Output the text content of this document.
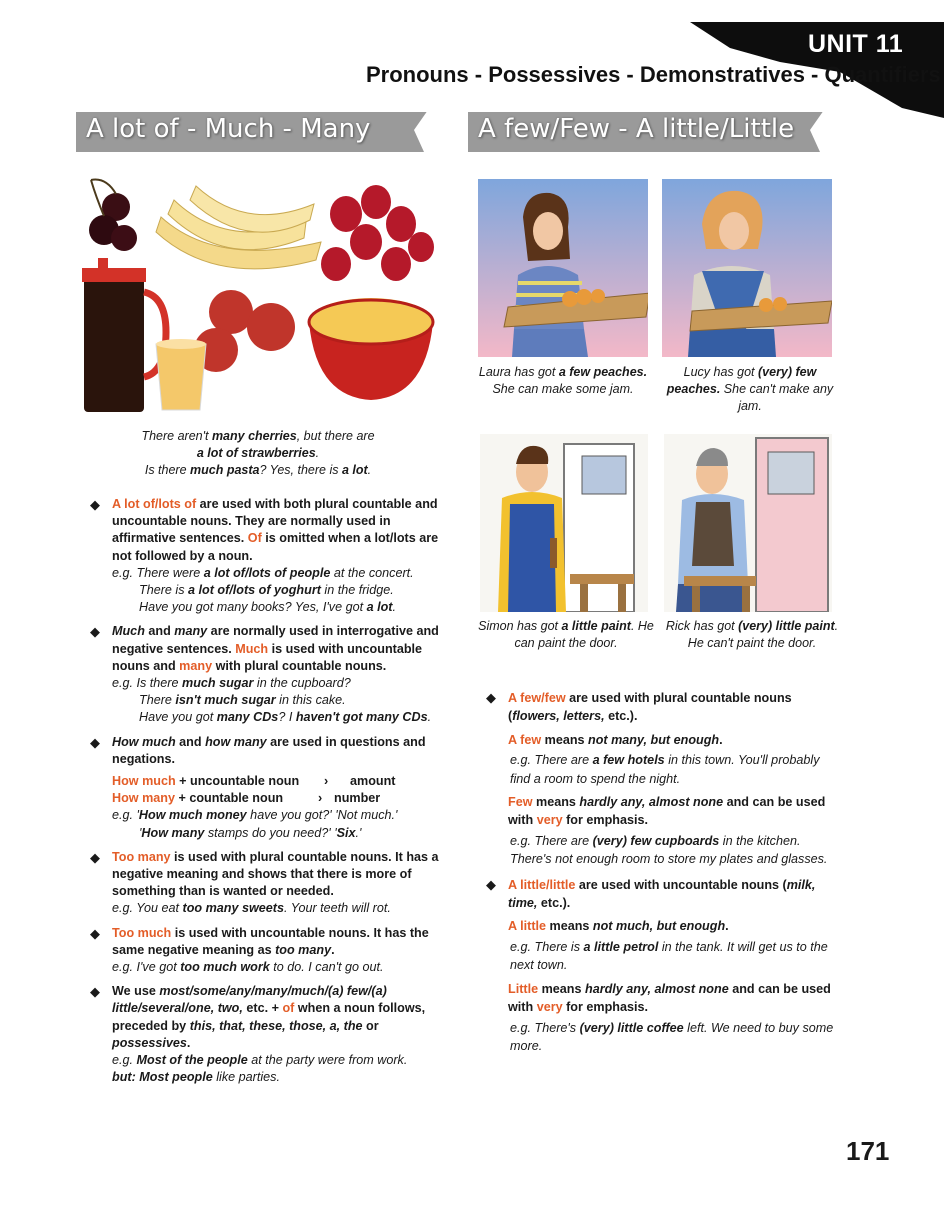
UNIT 11
Pronouns - Possessives - Demonstratives - Quantifiers
A lot of - Much - Many	A few/Few - A little/Little
There aren't many cherries, but there are
a lot of strawberries.
Is there much pasta? Yes, there is a lot.
◆ A lot of/lots of are used with both plural countable and uncountable nouns. They are normally used in affirmative sentences. Of is omitted when a lot/lots are not followed by a noun.
e.g. There were a lot of/lots of people at the concert.
There is a lot of/lots of yoghurt in the fridge.
Have you got many books? Yes, I've got a lot.
◆ Much and many are normally used in interrogative and negative sentences. Much is used with uncountable nouns and many with plural countable nouns.
e.g. Is there much sugar in the cupboard?
There isn't much sugar in this cake.
Have you got many CDs? I haven't got many CDs.
◆ How much and how many are used in questions and negations.
How much + uncountable noun › amount
How many + countable noun	› number
e.g. 'How much money have you got?' 'Not much.'
'How many stamps do you need?' 'Six.'
◆ Too many is used with plural countable nouns. It has a negative meaning and shows that there is more of something than is wanted or needed.
e.g. You eat too many sweets. Your teeth will rot.
◆ Too much is used with uncountable nouns. It has the same negative meaning as too many.
e.g. I've got too much work to do. I can't go out.
◆ We use most/some/any/many/much/(a) few/(a) little/several/one, two, etc. + of when a noun follows, preceded by this, that, these, those, a, the or possessives.
e.g. Most of the people at the party were from work.
but: Most people like parties.
Laura has got a few peaches. She can make some jam.
Lucy has got (very) few peaches. She can't make any jam.
Simon has got a little paint. He can paint the door.
Rick has got (very) little paint. He can't paint the door.
◆ A few/few are used with plural countable nouns (flowers, letters, etc.).
A few means not many, but enough.
e.g. There are a few hotels in this town. You'll probably find a room to spend the night.
Few means hardly any, almost none and can be used with very for emphasis.
e.g. There are (very) few cupboards in the kitchen. There's not enough room to store my plates and glasses.
◆ A little/little are used with uncountable nouns (milk, time, etc.).
A little means not much, but enough.
e.g. There is a little petrol in the tank. It will get us to the next town.
Little means hardly any, almost none and can be used with very for emphasis.
e.g. There's (very) little coffee left. We need to buy some more.
171
